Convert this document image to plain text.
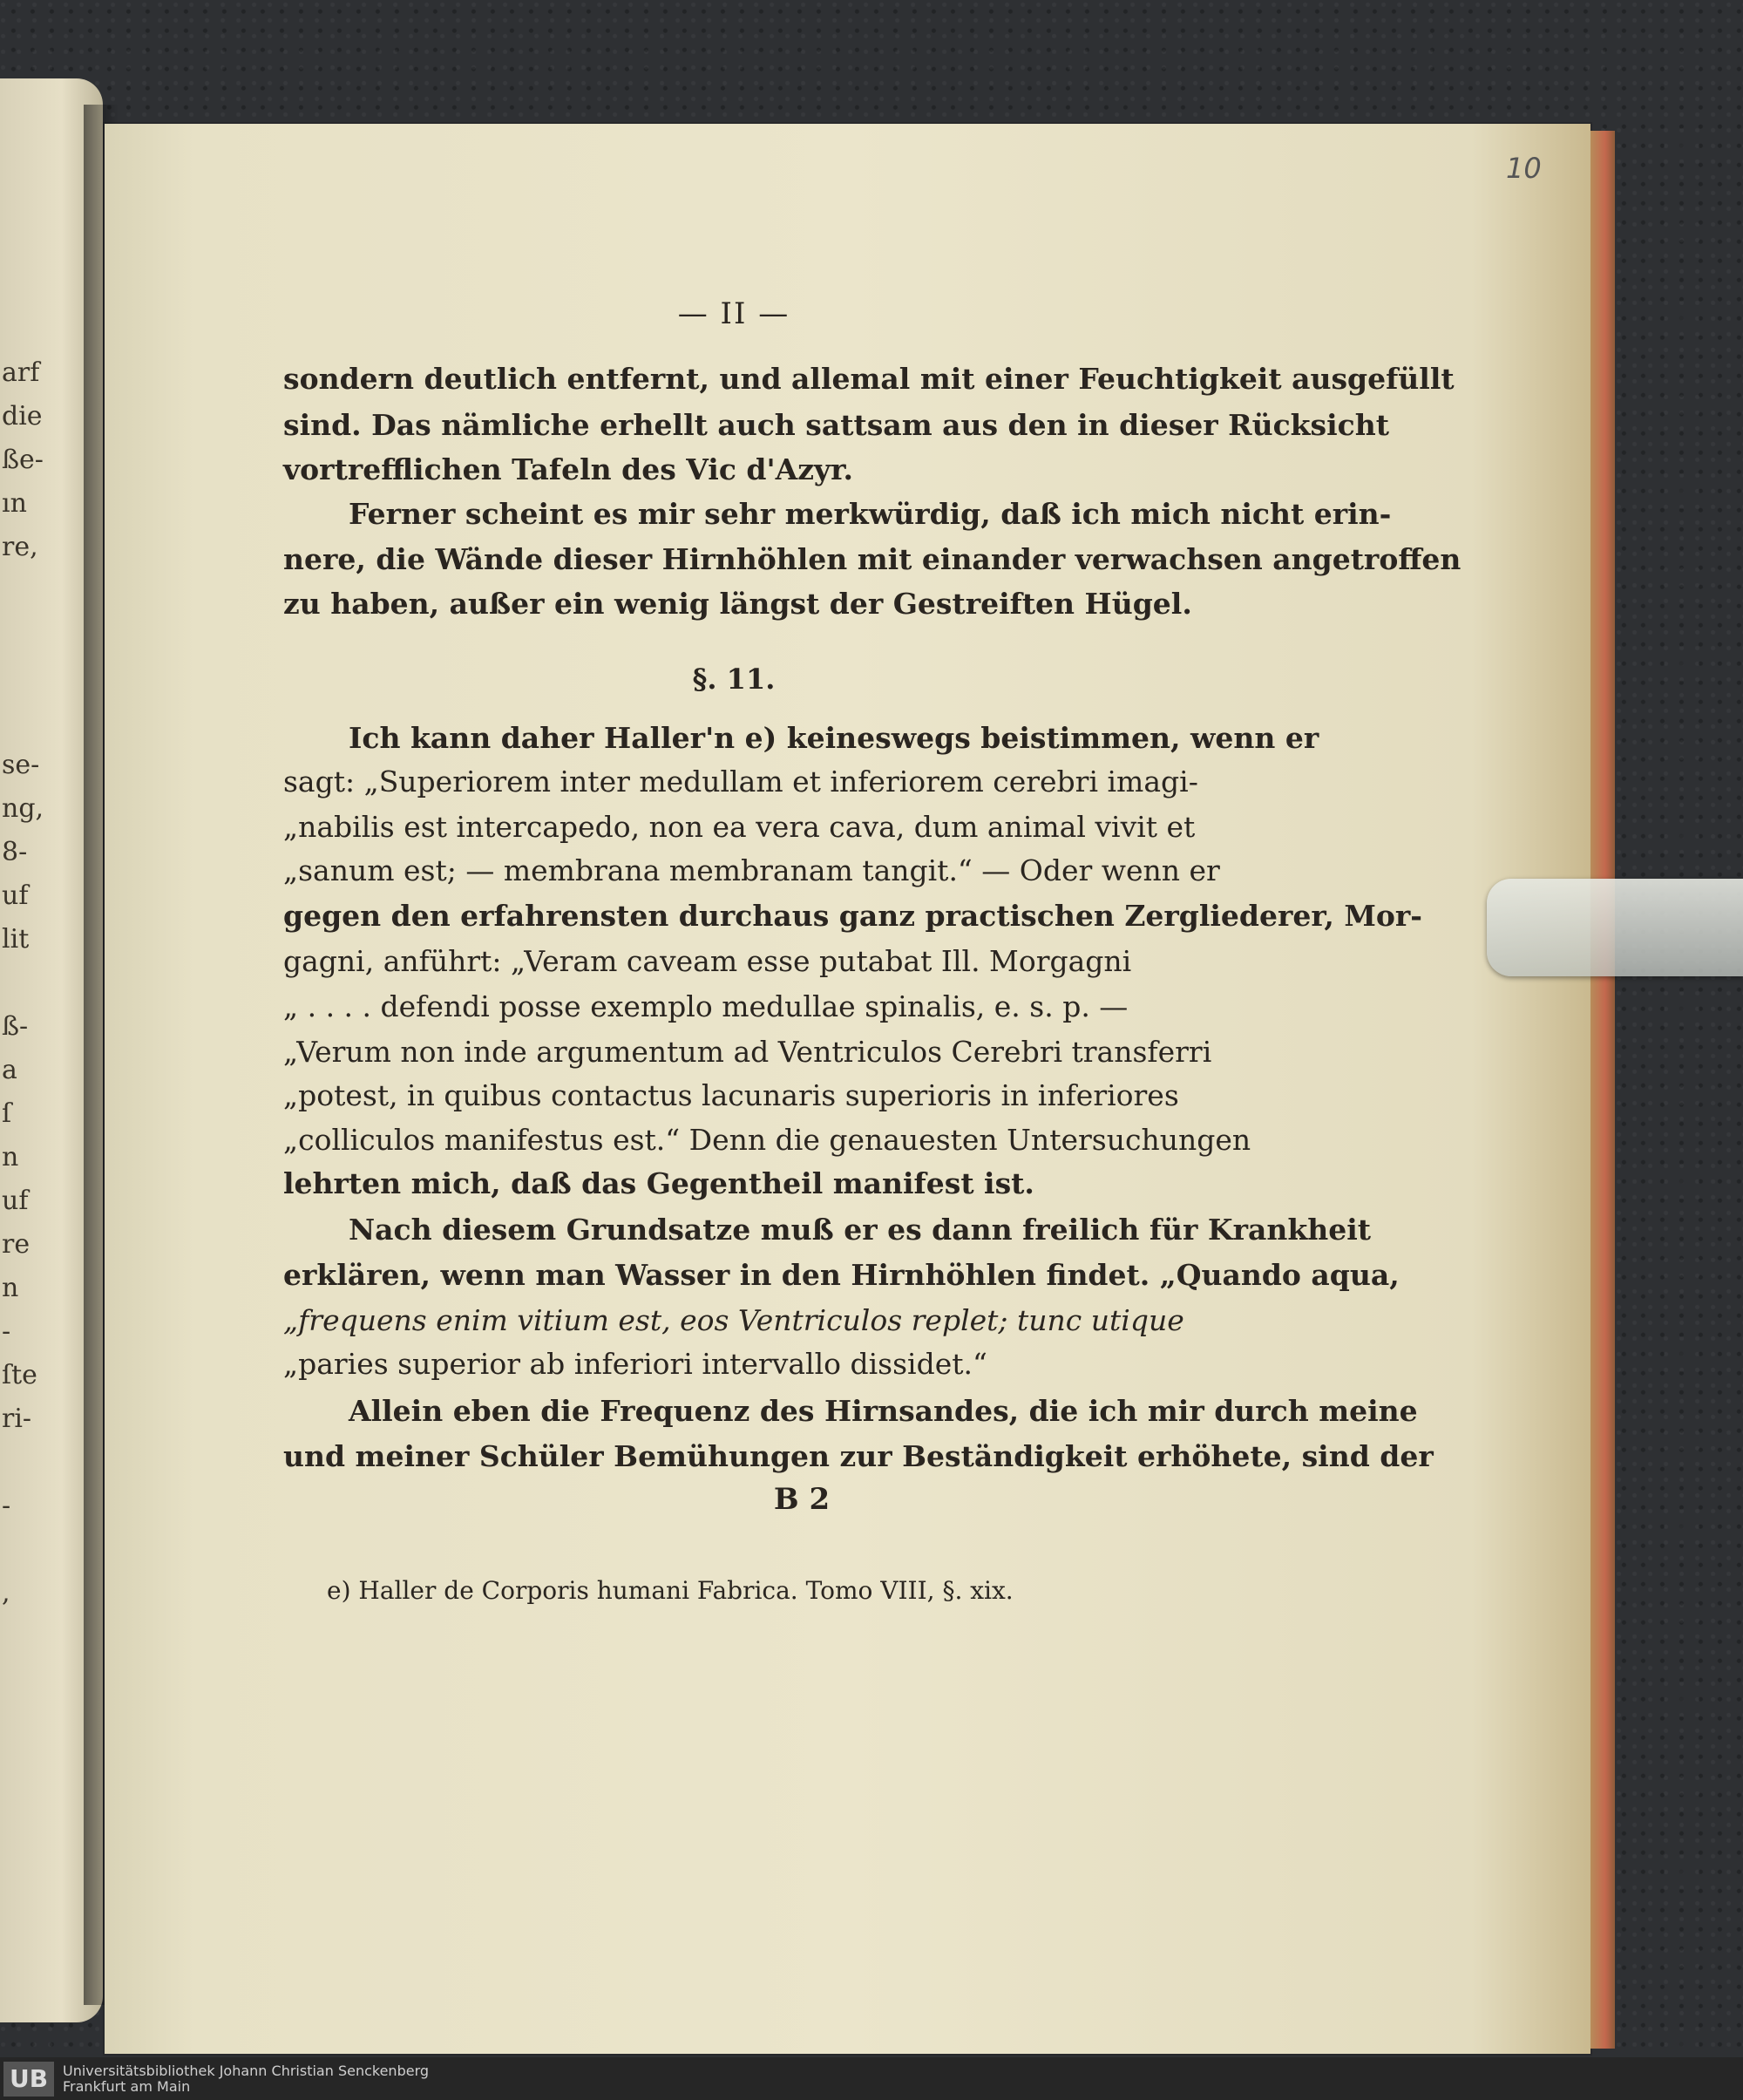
arf
die
ße-
ın
re,
se-
ng,
8-
uf
lit
ß-
a
ſ
n
uf
re
n
-
ſte
ri-
-
,
10
— II —
sondern deutlich entfernt, und allemal mit einer Feuchtigkeit ausgefüllt
sind. Das nämliche erhellt auch sattsam aus den in dieser Rücksicht
vortrefflichen Tafeln des Vic d'Azyr.
Ferner scheint es mir sehr merkwürdig, daß ich mich nicht erin-
nere, die Wände dieser Hirnhöhlen mit einander verwachsen angetroffen
zu haben, außer ein wenig längst der Gestreiften Hügel.
§. 11.
Ich kann daher Haller'n e) keineswegs beistimmen, wenn er
sagt: „Superiorem inter medullam et inferiorem cerebri imagi-
„nabilis est intercapedo, non ea vera cava, dum animal vivit et
„sanum est; — membrana membranam tangit.“ — Oder wenn er
gegen den erfahrensten durchaus ganz practischen Zergliederer, Mor-
gagni, anführt: „Veram caveam esse putabat Ill. Morgagni
„ . . . . defendi posse exemplo medullae spinalis, e. s. p. —
„Verum non inde argumentum ad Ventriculos Cerebri transferri
„potest, in quibus contactus lacunaris superioris in inferiores
„colliculos manifestus est.“ Denn die genauesten Untersuchungen
lehrten mich, daß das Gegentheil manifest ist.
Nach diesem Grundsatze muß er es dann freilich für Krankheit
erklären, wenn man Wasser in den Hirnhöhlen findet. „Quando aqua,
„frequens enim vitium est, eos Ventriculos replet; tunc utique
„paries superior ab inferiori intervallo dissidet.“
Allein eben die Frequenz des Hirnsandes, die ich mir durch meine
und meiner Schüler Bemühungen zur Beständigkeit erhöhete, sind der
B 2
e) Haller de Corporis humani Fabrica. Tomo VIII, §. xix.
UB	Universitätsbibliothek Johann Christian Senckenberg
Frankfurt am Main
